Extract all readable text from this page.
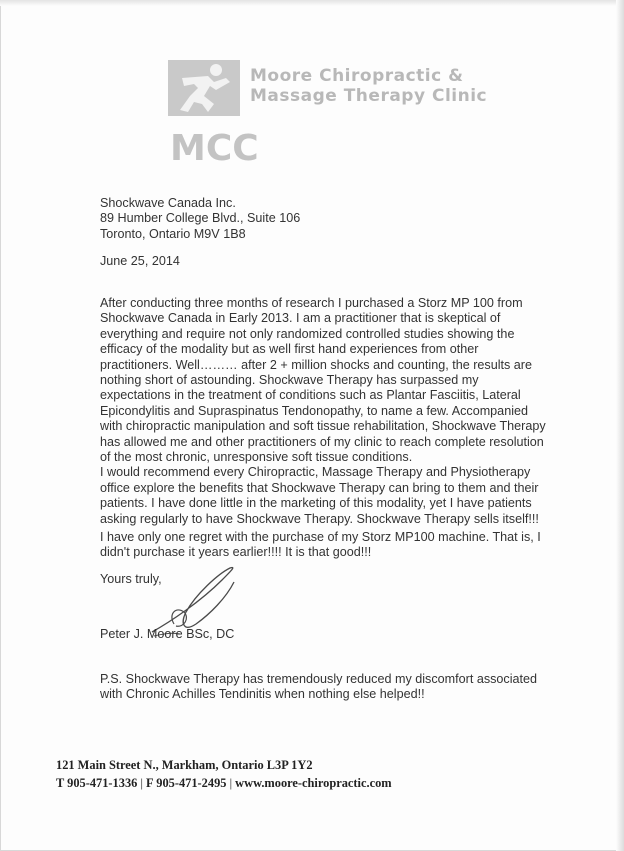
MCC
Moore Chiropractic &
Massage Therapy Clinic
Shockwave Canada Inc.
89 Humber College Blvd., Suite 106
Toronto, Ontario M9V 1B8
June 25, 2014
After conducting three months of research I purchased a Storz MP 100 from
Shockwave Canada in Early 2013. I am a practitioner that is skeptical of
everything and require not only randomized controlled studies showing the
efficacy of the modality but as well first hand experiences from other
practitioners. Well……… after 2 + million shocks and counting, the results are
nothing short of astounding. Shockwave Therapy has surpassed my
expectations in the treatment of conditions such as Plantar Fasciitis, Lateral
Epicondylitis and Supraspinatus Tendonopathy, to name a few. Accompanied
with chiropractic manipulation and soft tissue rehabilitation, Shockwave Therapy
has allowed me and other practitioners of my clinic to reach complete resolution
of the most chronic, unresponsive soft tissue conditions.
I would recommend every Chiropractic, Massage Therapy and Physiotherapy
office explore the benefits that Shockwave Therapy can bring to them and their
patients. I have done little in the marketing of this modality, yet I have patients
asking regularly to have Shockwave Therapy. Shockwave Therapy sells itself!!!
I have only one regret with the purchase of my Storz MP100 machine. That is, I
didn't purchase it years earlier!!!! It is that good!!!
Yours truly,
Peter J. Moore BSc, DC
P.S. Shockwave Therapy has tremendously reduced my discomfort associated
with Chronic Achilles Tendinitis when nothing else helped!!
121 Main Street N., Markham, Ontario L3P 1Y2
T 905-471-1336 | F 905-471-2495 | www.moore-chiropractic.com
